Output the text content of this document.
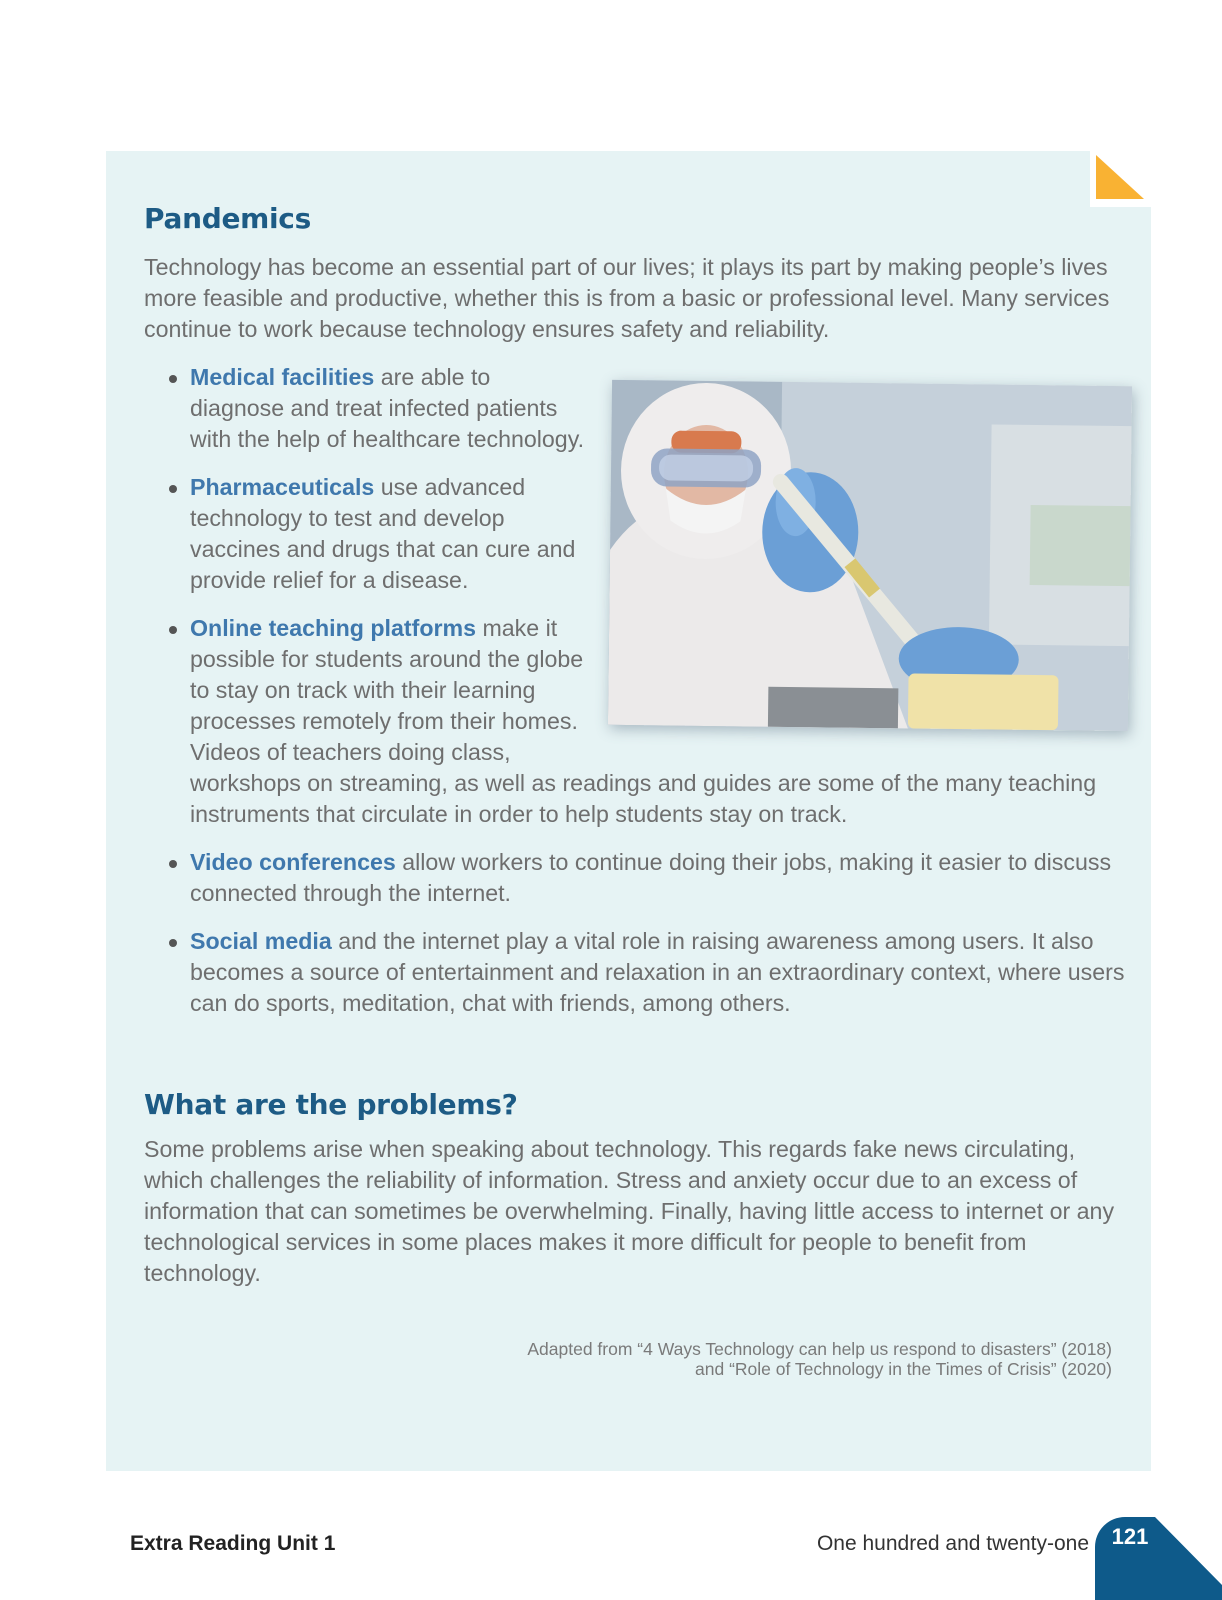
Pandemics

Technology has become an essential part of our lives; it plays its part by making people’s lives more feasible and productive, whether this is from a basic or professional level. Many services continue to work because technology ensures safety and reliability.

Medical facilities are able to diagnose and treat infected patients with the help of healthcare technology.
Pharmaceuticals use advanced technology to test and develop vaccines and drugs that can cure and provide relief for a disease.
Online teaching platforms make it possible for students around the globe to stay on track with their learning processes remotely from their homes. Videos of teachers doing class, workshops on streaming, as well as readings and guides are some of the many teaching instruments that circulate in order to help students stay on track.
Video conferences allow workers to continue doing their jobs, making it easier to discuss connected through the internet.
Social media and the internet play a vital role in raising awareness among users. It also becomes a source of entertainment and relaxation in an extraordinary context, where users can do sports, meditation, chat with friends, among others.
What are the problems?

Some problems arise when speaking about technology. This regards fake news circulating, which challenges the reliability of information. Stress and anxiety occur due to an excess of information that can sometimes be overwhelming. Finally, having little access to internet or any technological services in some places makes it more difficult for people to benefit from technology.

Adapted from “4 Ways Technology can help us respond to disasters” (2018)
and “Role of Technology in the Times of Crisis” (2020)
Extra Reading Unit 1	One hundred and twenty-one	121
